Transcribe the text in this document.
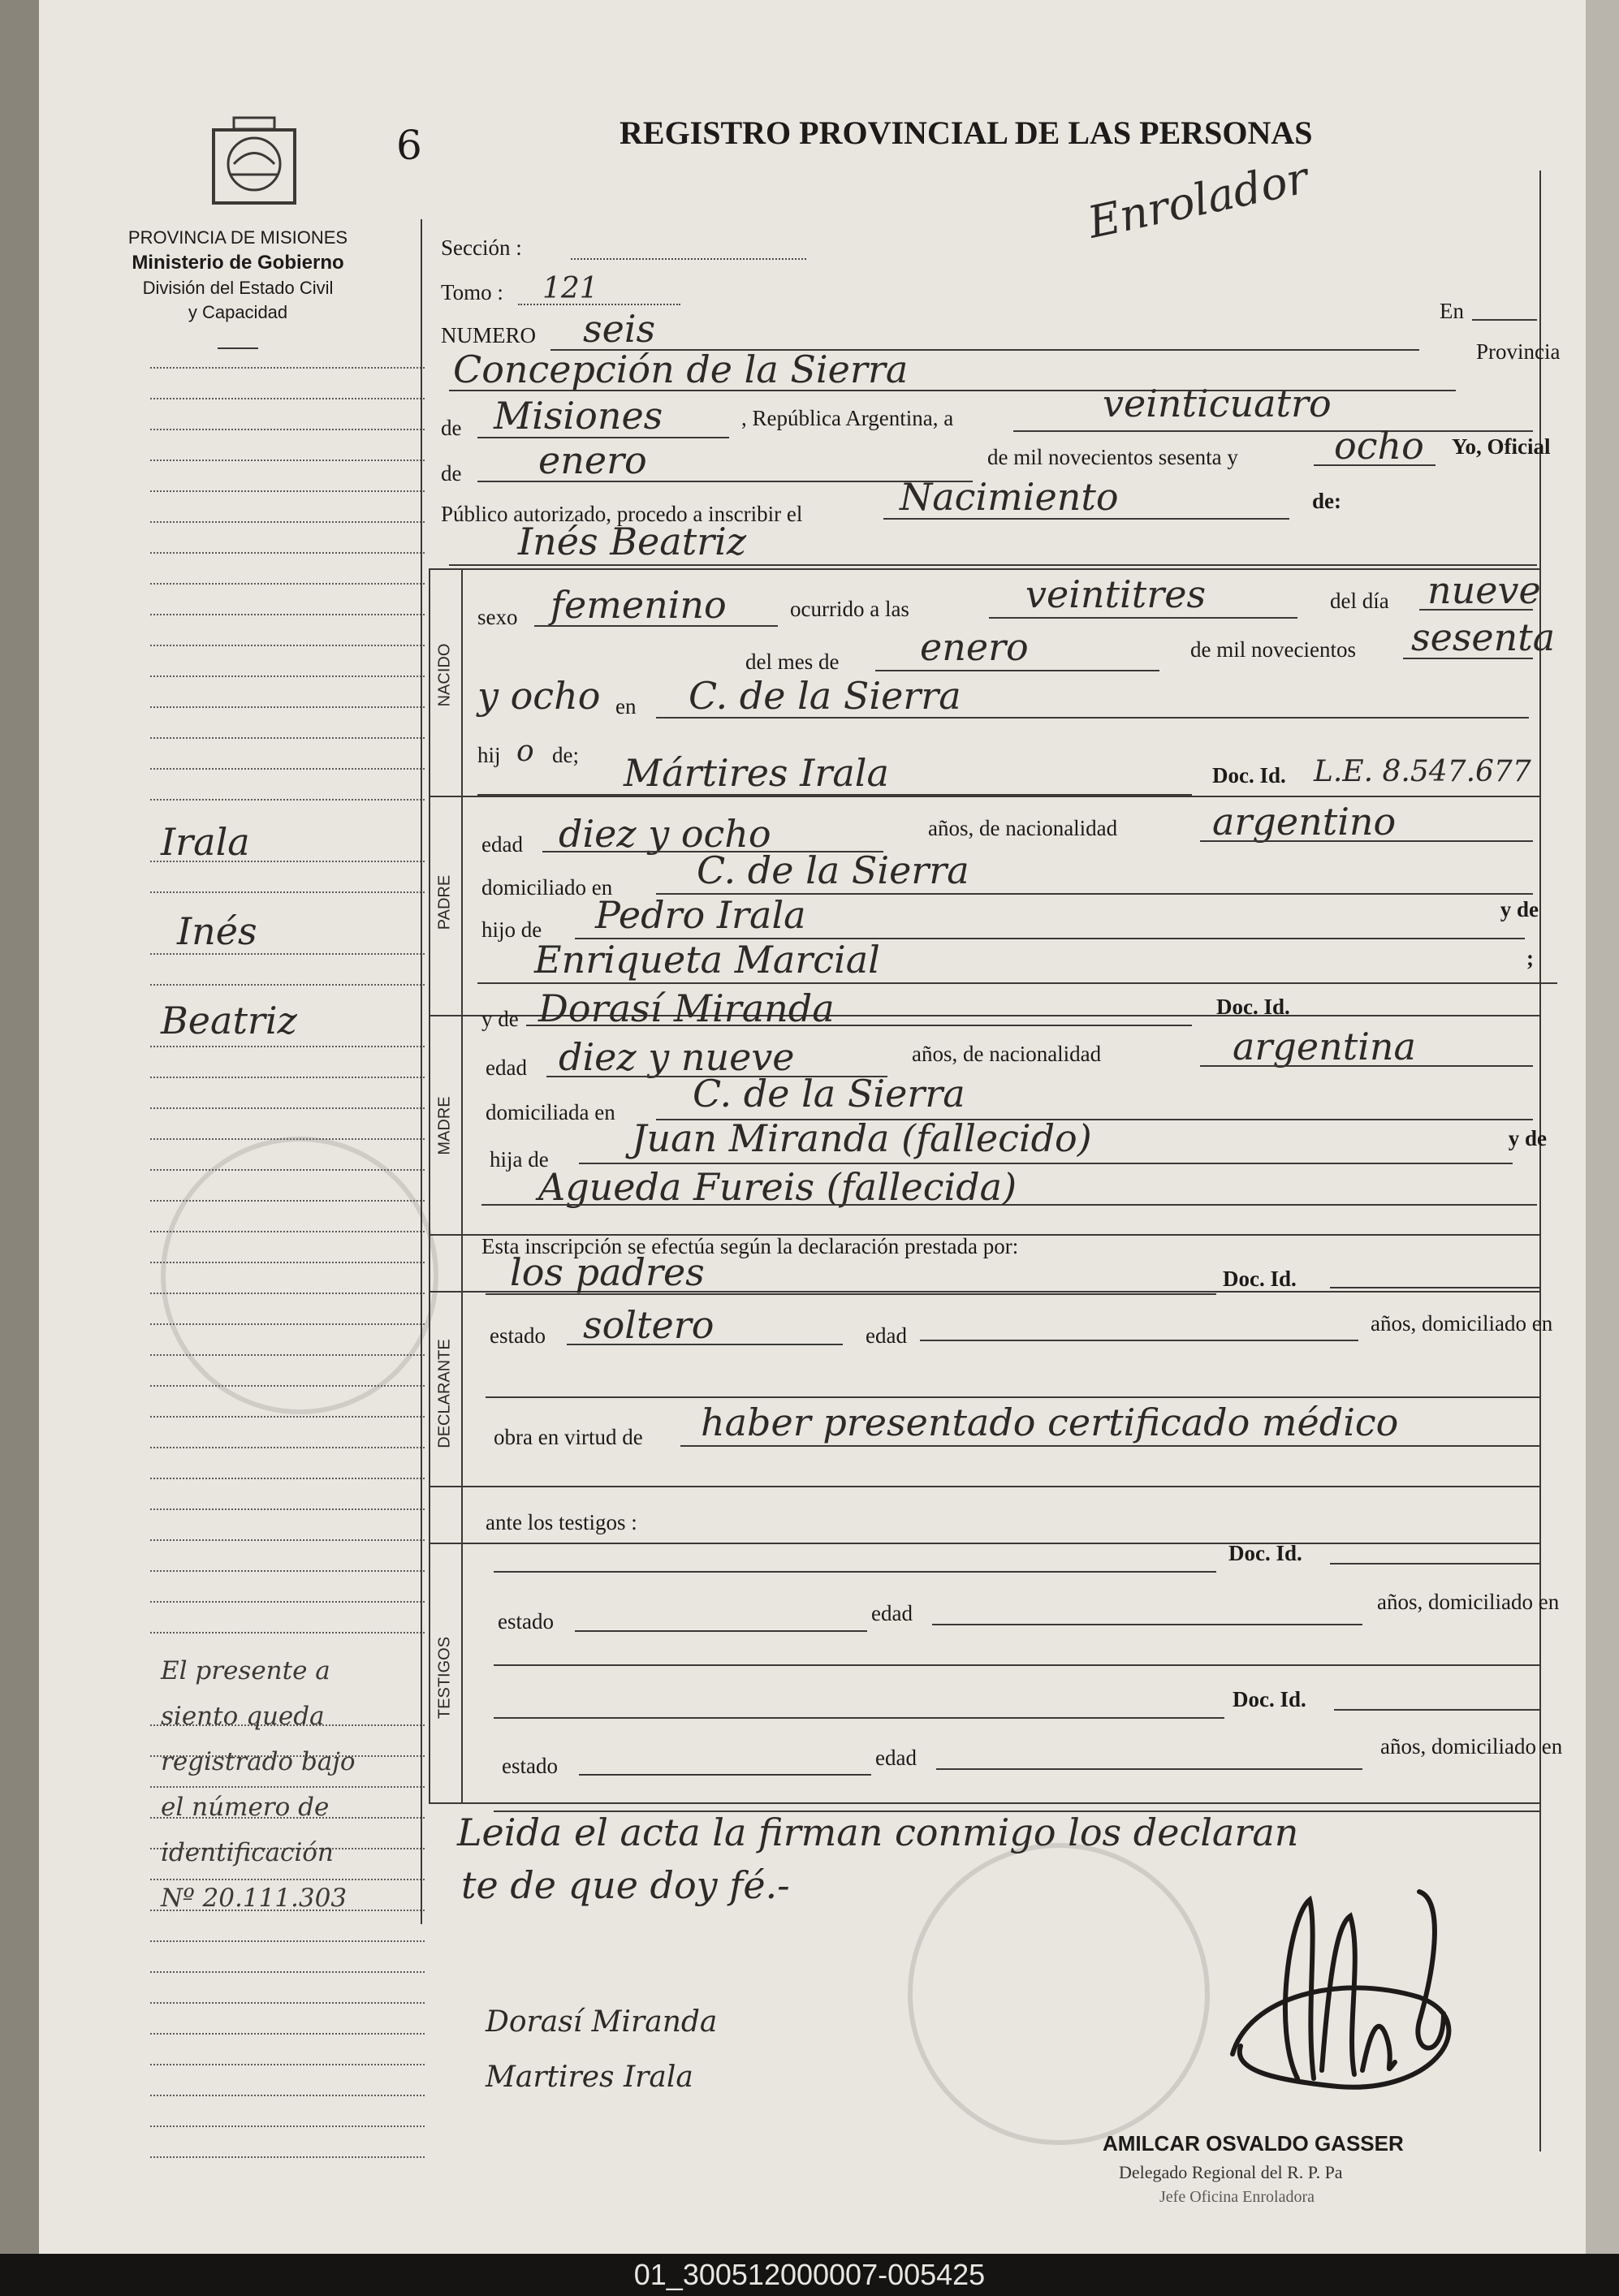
PROVINCIA DE MISIONES
Ministerio de Gobierno
División del Estado Civil
y Capacidad
6	REGISTRO PROVINCIAL DE LAS PERSONAS
Enrolador
Irala
Inés
Beatriz
El presente a
siento queda
registrado bajo
el número de
identificación
Nº 20.111.303
NACIDO
PADRE
MADRE
DECLARANTE
TESTIGOS
Sección :
Tomo : 121
NUMERO seis	En
Concepción de la Sierra	Provincia
de Misiones	, República Argentina, a	veinticuatro
de enero	de mil novecientos sesenta y	ocho Yo, Oficial
Público autorizado, procedo a inscribir el	Nacimiento	de:
Inés Beatriz
sexo femenino	ocurrido a las	veintitres	del día nueve
del mes de enero	de mil novecientos sesenta
y ocho en C. de la Sierra
hij o de; Mártires Irala	Doc. Id. L.E. 8.547.677
edad diez y ocho	años, de nacionalidad	argentino
domiciliado en C. de la Sierra
hijo de Pedro Irala	y de
Enriqueta Marcial	;
y de Dorasí Miranda	Doc. Id.
edad diez y nueve	años, de nacionalidad	argentina
domiciliada en C. de la Sierra
hija de Juan Miranda (fallecido)	y de
Agueda Fureis (fallecida)
Esta inscripción se efectúa según la declaración prestada por:
los padres	Doc. Id.
estado soltero	edad	años, domiciliado en
obra en virtud de haber presentado certificado médico
ante los testigos :
Doc. Id.
estado	edad	años, domiciliado en
Doc. Id.
estado	edad	años, domiciliado en
Leida el acta la firman conmigo los declaran
te de que doy fé.-
Dorasí Miranda
Martires Irala
AMILCAR OSVALDO GASSER
Delegado Regional del R. P. Pa
Jefe Oficina Enroladora
01_300512000007-005425
